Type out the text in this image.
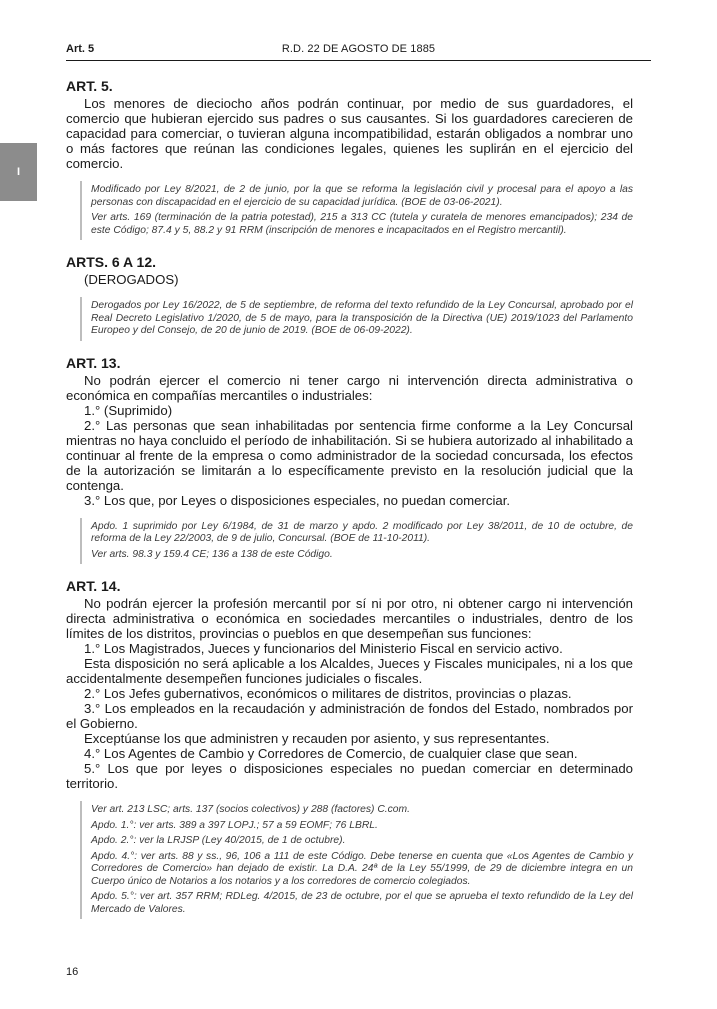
R.D. 22 DE AGOSTO DE 1885
Art. 5
I

ART. 5.

Los menores de dieciocho años podrán continuar, por medio de sus guardadores, el comercio que hubieran ejercido sus padres o sus causantes. Si los guardadores carecieren de capacidad para comerciar, o tuvieran alguna incompatibilidad, estarán obligados a nombrar uno o más factores que reúnan las condiciones legales, quienes les suplirán en el ejercicio del comercio.

Modificado por Ley 8/2021, de 2 de junio, por la que se reforma la legislación civil y procesal para el apoyo a las personas con discapacidad en el ejercicio de su capacidad jurídica. (BOE de 03-06-2021).

Ver arts. 169 (terminación de la patria potestad), 215 a 313 CC (tutela y curatela de menores emancipados); 234 de este Código; 87.4 y 5, 88.2 y 91 RRM (inscripción de menores e incapacitados en el Registro mercantil).

ARTS. 6 A 12.

(DEROGADOS)

Derogados por Ley 16/2022, de 5 de septiembre, de reforma del texto refundido de la Ley Concursal, aprobado por el Real Decreto Legislativo 1/2020, de 5 de mayo, para la transposición de la Directiva (UE) 2019/1023 del Parlamento Europeo y del Consejo, de 20 de junio de 2019. (BOE de 06-09-2022).

ART. 13.

No podrán ejercer el comercio ni tener cargo ni intervención directa administrativa o económica en compañías mercantiles o industriales:

1.° (Suprimido)

2.° Las personas que sean inhabilitadas por sentencia firme conforme a la Ley Concursal mientras no haya concluido el período de inhabilitación. Si se hubiera autorizado al inhabilitado a continuar al frente de la empresa o como administrador de la sociedad concursada, los efectos de la autorización se limitarán a lo específicamente previsto en la resolución judicial que la contenga.

3.° Los que, por Leyes o disposiciones especiales, no puedan comerciar.

Apdo. 1 suprimido por Ley 6/1984, de 31 de marzo y apdo. 2 modificado por Ley 38/2011, de 10 de octubre, de reforma de la Ley 22/2003, de 9 de julio, Concursal. (BOE de 11-10-2011).

Ver arts. 98.3 y 159.4 CE; 136 a 138 de este Código.

ART. 14.

No podrán ejercer la profesión mercantil por sí ni por otro, ni obtener cargo ni intervención directa administrativa o económica en sociedades mercantiles o industriales, dentro de los límites de los distritos, provincias o pueblos en que desempeñan sus funciones:

1.° Los Magistrados, Jueces y funcionarios del Ministerio Fiscal en servicio activo.

Esta disposición no será aplicable a los Alcaldes, Jueces y Fiscales municipales, ni a los que accidentalmente desempeñen funciones judiciales o fiscales.

2.° Los Jefes gubernativos, económicos o militares de distritos, provincias o plazas.

3.° Los empleados en la recaudación y administración de fondos del Estado, nombrados por el Gobierno.

Exceptúanse los que administren y recauden por asiento, y sus representantes.

4.° Los Agentes de Cambio y Corredores de Comercio, de cualquier clase que sean.

5.° Los que por leyes o disposiciones especiales no puedan comerciar en determinado territorio.

Ver art. 213 LSC; arts. 137 (socios colectivos) y 288 (factores) C.com.

Apdo. 1.°: ver arts. 389 a 397 LOPJ.; 57 a 59 EOMF; 76 LBRL.

Apdo. 2.°: ver la LRJSP (Ley 40/2015, de 1 de octubre).

Apdo. 4.°: ver arts. 88 y ss., 96, 106 a 111 de este Código. Debe tenerse en cuenta que «Los Agentes de Cambio y Corredores de Comercio» han dejado de existir. La D.A. 24ª de la Ley 55/1999, de 29 de diciembre integra en un Cuerpo único de Notarios a los notarios y a los corredores de comercio colegiados.

Apdo. 5.°: ver art. 357 RRM; RDLeg. 4/2015, de 23 de octubre, por el que se aprueba el texto refundido de la Ley del Mercado de Valores.

16
